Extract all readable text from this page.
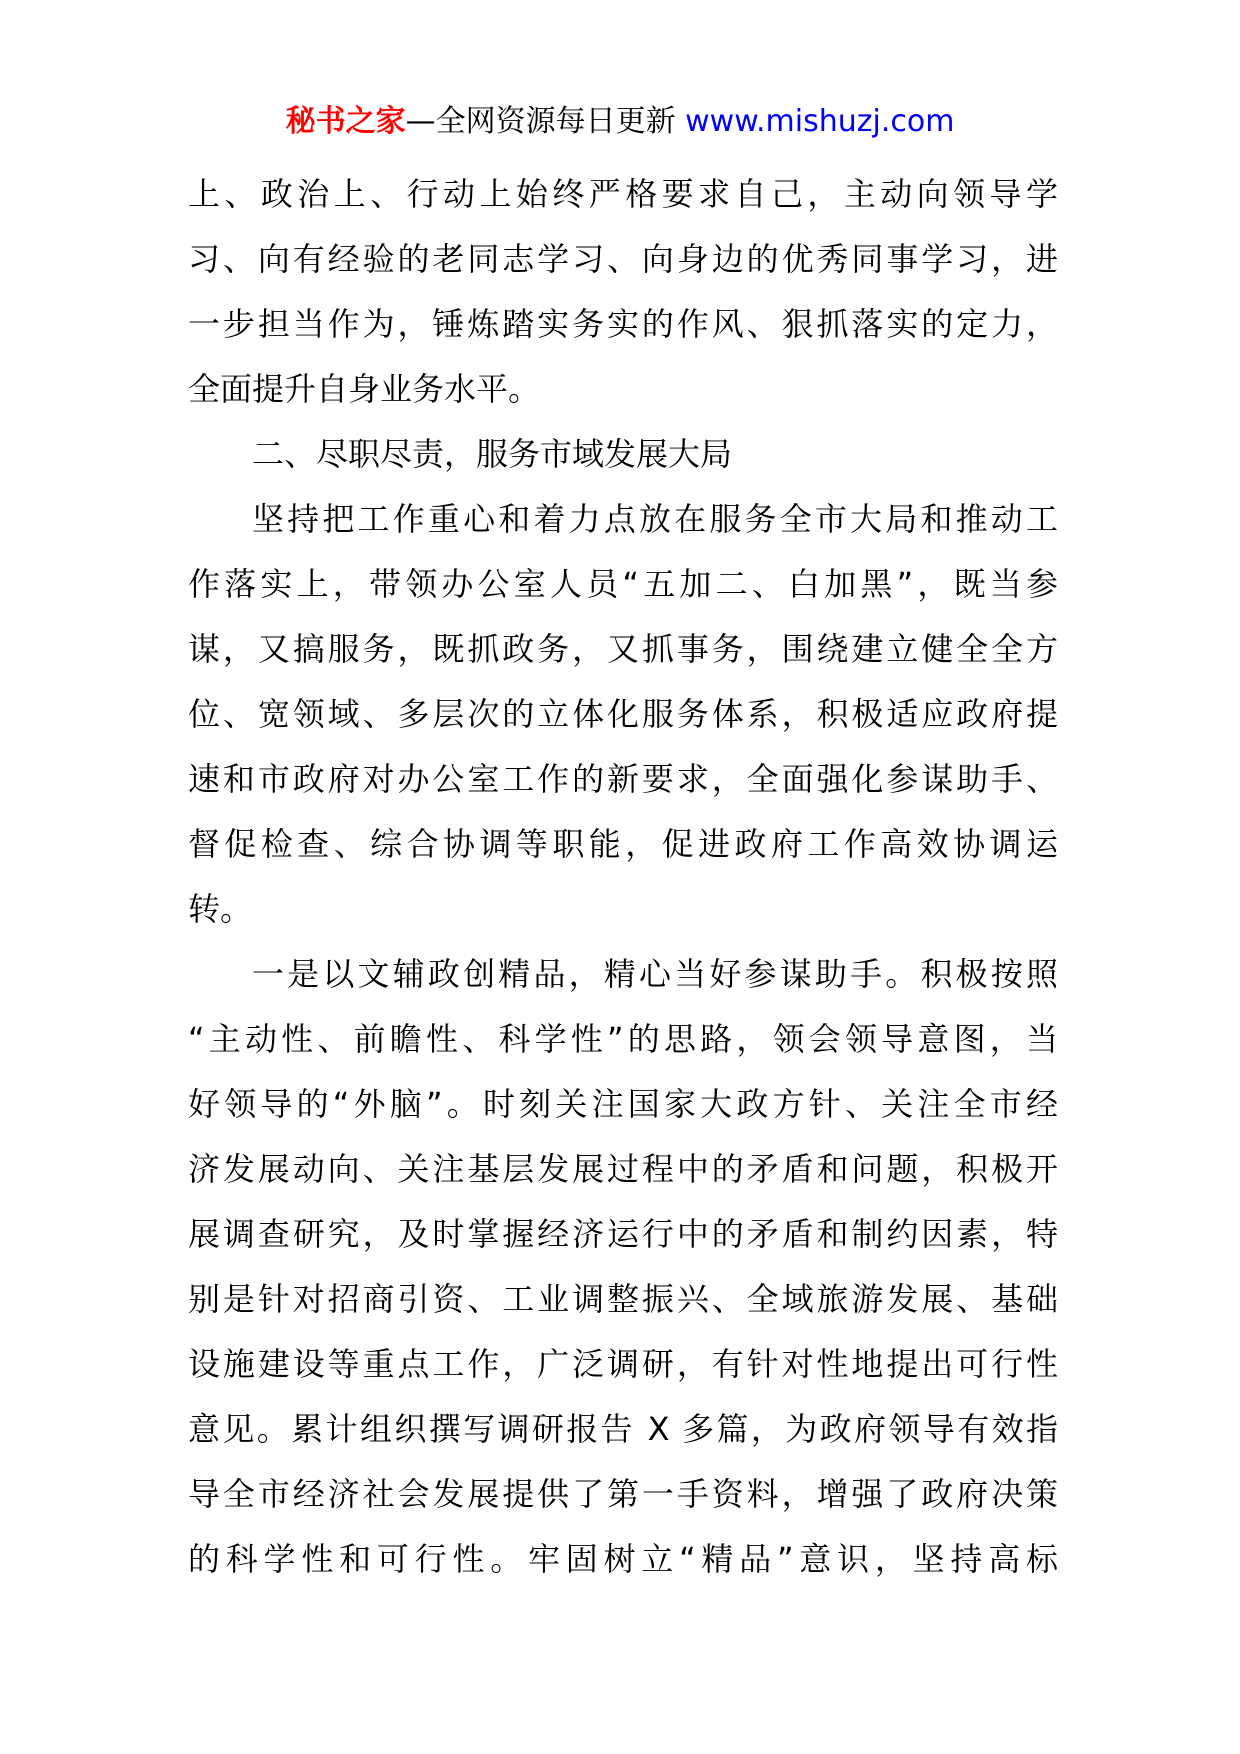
秘书之家—全网资源每日更新 www.mishuzj.com
上、政治上、行动上始终严格要求自己，主动向领导学
习、向有经验的老同志学习、向身边的优秀同事学习，进
一步担当作为，锤炼踏实务实的作风、狠抓落实的定力，
全面提升自身业务水平。
二、尽职尽责，服务市域发展大局
坚持把工作重心和着力点放在服务全市大局和推动工
作落实上，带领办公室人员“五加二、白加黑”，既当参
谋，又搞服务，既抓政务，又抓事务，围绕建立健全全方
位、宽领域、多层次的立体化服务体系，积极适应政府提
速和市政府对办公室工作的新要求，全面强化参谋助手、
督促检查、综合协调等职能，促进政府工作高效协调运
转。
一是以文辅政创精品，精心当好参谋助手。积极按照
“主动性、前瞻性、科学性”的思路，领会领导意图，当
好领导的“外脑”。时刻关注国家大政方针、关注全市经
济发展动向、关注基层发展过程中的矛盾和问题，积极开
展调查研究，及时掌握经济运行中的矛盾和制约因素，特
别是针对招商引资、工业调整振兴、全域旅游发展、基础
设施建设等重点工作，广泛调研，有针对性地提出可行性
意见。累计组织撰写调研报告 X 多篇，为政府领导有效指
导全市经济社会发展提供了第一手资料，增强了政府决策
的科学性和可行性。牢固树立“精品”意识，坚持高标
